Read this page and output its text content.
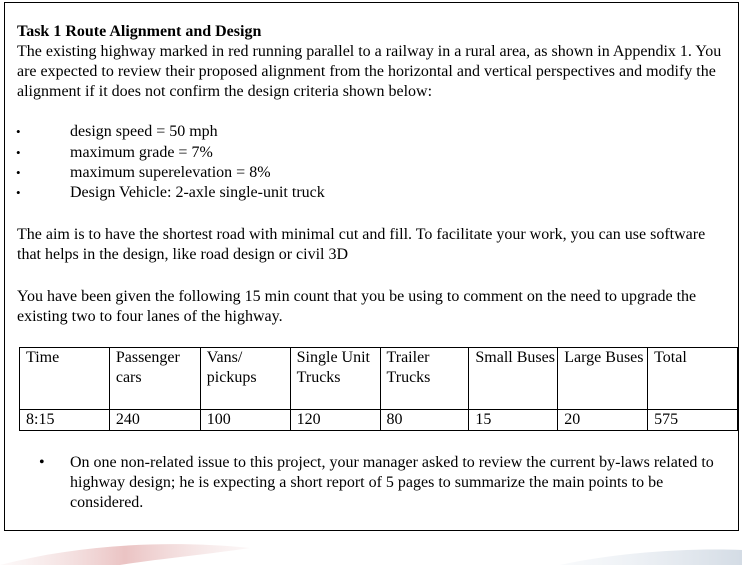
Task 1 Route Alignment and Design

The existing highway marked in red running parallel to a railway in a rural area, as shown in Appendix 1. You are expected to review their proposed alignment from the horizontal and vertical perspectives and modify the alignment if it does not confirm the design criteria shown below:

•	design speed = 50 mph
•	maximum grade = 7%
•	maximum superelevation = 8%
•	Design Vehicle: 2-axle single-unit truck

The aim is to have the shortest road with minimal cut and fill. To facilitate your work, you can use software that helps in the design, like road design or civil 3D

You have been given the following 15 min count that you be using to comment on the need to upgrade the existing two to four lanes of the highway.

Time	Passenger cars	Vans/ pickups	Single Unit Trucks	Trailer Trucks	Small Buses	Large Buses	Total
8:15	240	100	120	80	15	20	575
• On one non-related issue to this project, your manager asked to review the current by-laws related to highway design; he is expecting a short report of 5 pages to summarize the main points to be considered.
